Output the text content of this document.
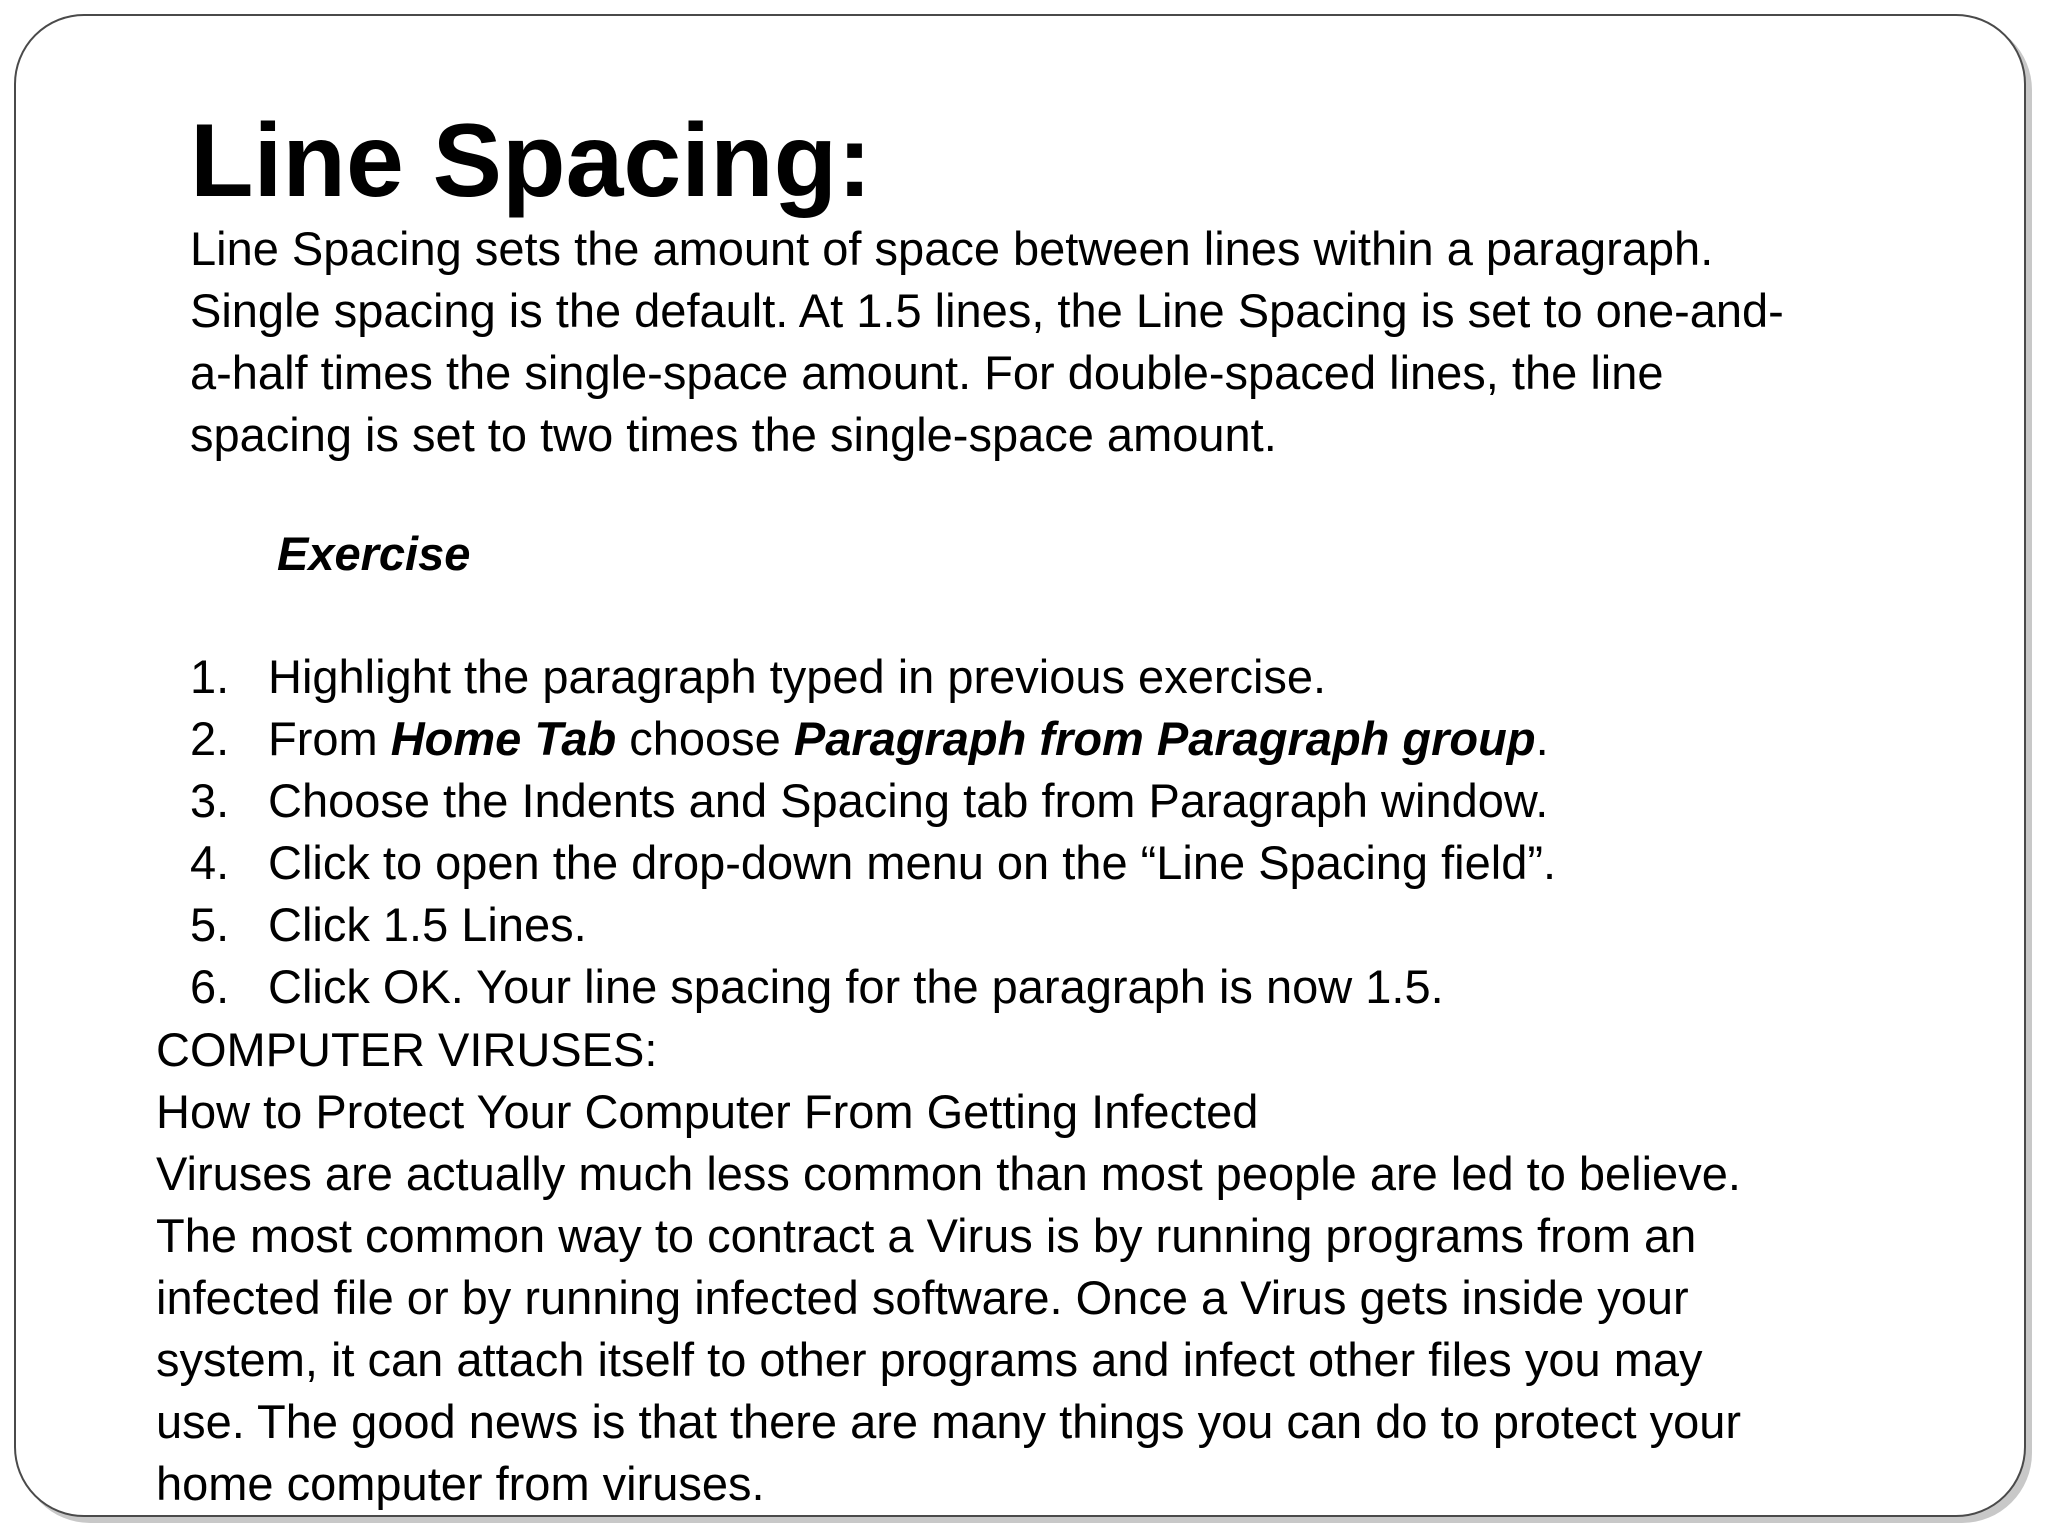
Line Spacing:
Line Spacing sets the amount of space between lines within a paragraph.
Single spacing is the default. At 1.5 lines, the Line Spacing is set to one-and-
a-half times the single-space amount. For double-spaced lines, the line
spacing is set to two times the single-space amount.
Exercise
1. Highlight the paragraph typed in previous exercise.
2. From Home Tab choose Paragraph from Paragraph group.
3. Choose the Indents and Spacing tab from Paragraph window.
4. Click to open the drop-down menu on the “Line Spacing field”.
5. Click 1.5 Lines.
6. Click OK. Your line spacing for the paragraph is now 1.5.
COMPUTER VIRUSES:
How to Protect Your Computer From Getting Infected
Viruses are actually much less common than most people are led to believe.
The most common way to contract a Virus is by running programs from an
infected file or by running infected software. Once a Virus gets inside your
system, it can attach itself to other programs and infect other files you may
use. The good news is that there are many things you can do to protect your
home computer from viruses.
